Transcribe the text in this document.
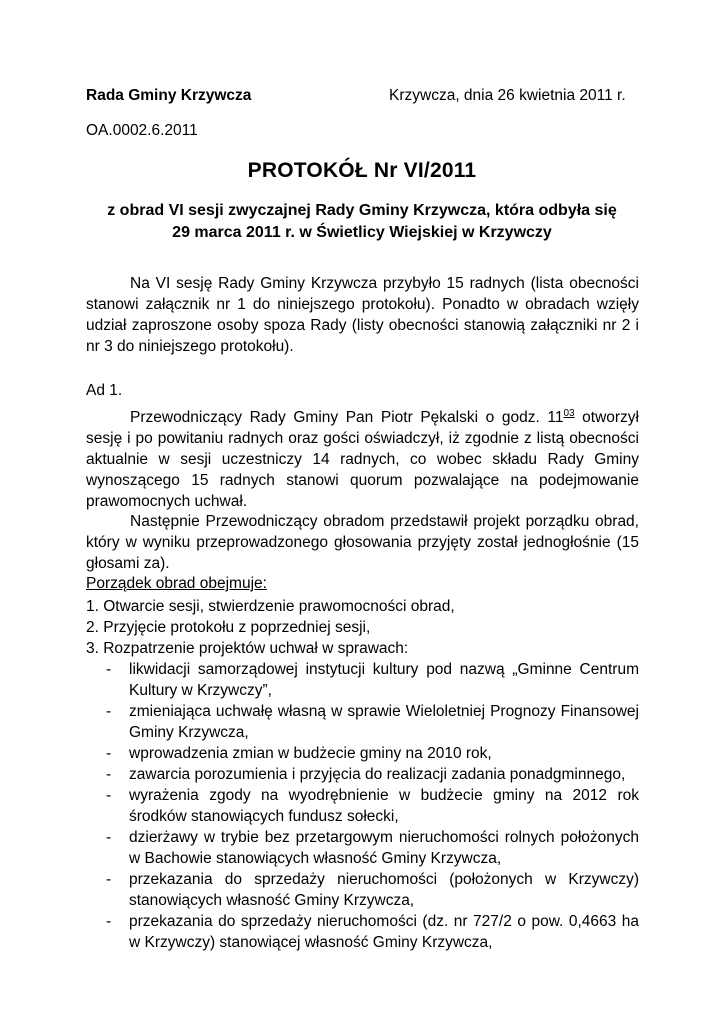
Rada Gminy Krzywcza	Krzywcza, dnia 26 kwietnia 2011 r.
OA.0002.6.2011
PROTOKÓŁ Nr VI/2011
z obrad VI sesji zwyczajnej Rady Gminy Krzywcza, która odbyła się
29 marca 2011 r. w Świetlicy Wiejskiej w Krzywczy
Na VI sesję Rady Gminy Krzywcza przybyło 15 radnych (lista obecności stanowi załącznik nr 1 do niniejszego protokołu). Ponadto w obradach wzięły udział zaproszone osoby spoza Rady (listy obecności stanowią załączniki nr 2 i nr 3 do niniejszego protokołu).
Ad 1.
Przewodniczący Rady Gminy Pan Piotr Pękalski o godz. $11^{03}$ otworzył sesję i po powitaniu radnych oraz gości oświadczył, iż zgodnie z listą obecności aktualnie w sesji uczestniczy 14 radnych, co wobec składu Rady Gminy wynoszącego 15 radnych stanowi quorum pozwalające na podejmowanie prawomocnych uchwał.
Następnie Przewodniczący obradom przedstawił projekt porządku obrad, który w wyniku przeprowadzonego głosowania przyjęty został jednogłośnie (15 głosami za).
Porządek obrad obejmuje:
1. Otwarcie sesji, stwierdzenie prawomocności obrad,
2. Przyjęcie protokołu z poprzedniej sesji,
3. Rozpatrzenie projektów uchwał w sprawach:
- likwidacji samorządowej instytucji kultury pod nazwą „Gminne Centrum Kultury w Krzywczy”,
- zmieniająca uchwałę własną w sprawie Wieloletniej Prognozy Finansowej Gminy Krzywcza,
- wprowadzenia zmian w budżecie gminy na 2010 rok,
- zawarcia porozumienia i przyjęcia do realizacji zadania ponadgminnego,
- wyrażenia zgody na wyodrębnienie w budżecie gminy na 2012 rok środków stanowiących fundusz sołecki,
- dzierżawy w trybie bez przetargowym nieruchomości rolnych położonych w Bachowie stanowiących własność Gminy Krzywcza,
- przekazania do sprzedaży nieruchomości (położonych w Krzywczy) stanowiących własność Gminy Krzywcza,
- przekazania do sprzedaży nieruchomości (dz. nr 727/2 o pow. 0,4663 ha w Krzywczy) stanowiącej własność Gminy Krzywcza,
